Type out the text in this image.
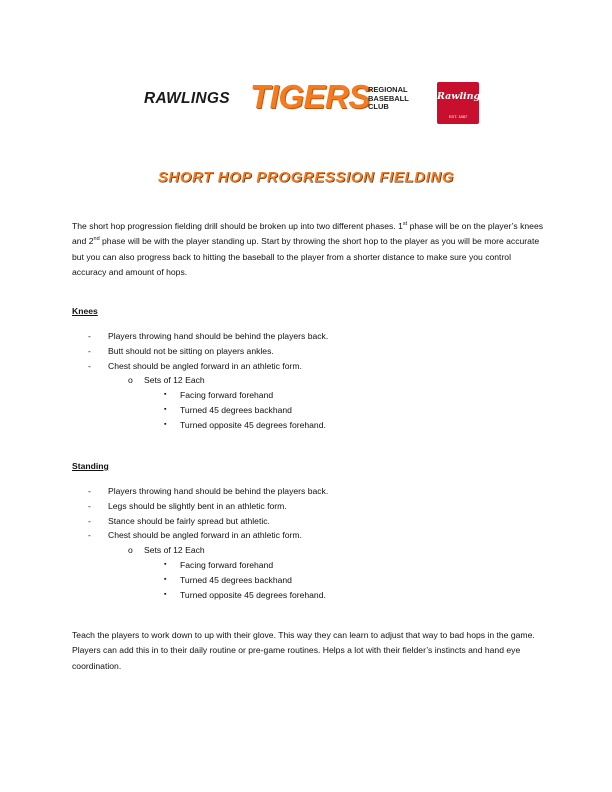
RAWLINGS TIGERS
REGIONAL
BASEBALL
CLUB
Rawlings
EST. 1887
SHORT HOP PROGRESSION FIELDING
The short hop progression fielding drill should be broken up into two different phases. 1st phase will be on the player’s knees and 2nd phase will be with the player standing up. Start by throwing the short hop to the player as you will be more accurate but you can also progress back to hitting the baseball to the player from a shorter distance to make sure you control accuracy and amount of hops.
Knees
- Players throwing hand should be behind the players back.
- Butt should not be sitting on players ankles.
- Chest should be angled forward in an athletic form.
o Sets of 12 Each
▪ Facing forward forehand
▪ Turned 45 degrees backhand
▪ Turned opposite 45 degrees forehand.
Standing
- Players throwing hand should be behind the players back.
- Legs should be slightly bent in an athletic form.
- Stance should be fairly spread but athletic.
- Chest should be angled forward in an athletic form.
o Sets of 12 Each
▪ Facing forward forehand
▪ Turned 45 degrees backhand
▪ Turned opposite 45 degrees forehand.
Teach the players to work down to up with their glove. This way they can learn to adjust that way to bad hops in the game. Players can add this in to their daily routine or pre-game routines. Helps a lot with their fielder’s instincts and hand eye coordination.
